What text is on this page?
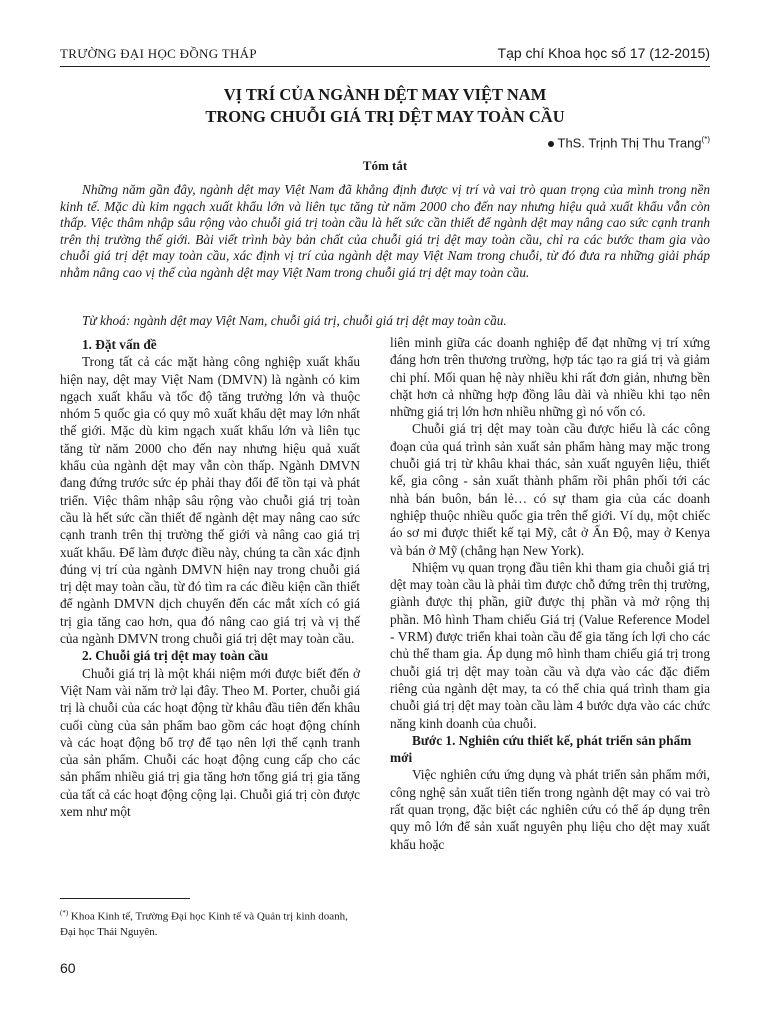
TRƯỜNG ĐẠI HỌC ĐỒNG THÁP	Tạp chí Khoa học số 17 (12-2015)
VỊ TRÍ CỦA NGÀNH DỆT MAY VIỆT NAM
TRONG CHUỖI GIÁ TRỊ DỆT MAY TOÀN CẦU
ThS. Trịnh Thị Thu Trang(*)
Tóm tắt

Những năm gần đây, ngành dệt may Việt Nam đã khẳng định được vị trí và vai trò quan trọng của mình trong nền kinh tế. Mặc dù kim ngạch xuất khẩu lớn và liên tục tăng từ năm 2000 cho đến nay nhưng hiệu quả xuất khẩu vẫn còn thấp. Việc thâm nhập sâu rộng vào chuỗi giá trị toàn cầu là hết sức cần thiết để ngành dệt may nâng cao sức cạnh tranh trên thị trường thế giới. Bài viết trình bày bản chất của chuỗi giá trị dệt may toàn cầu, chỉ ra các bước tham gia vào chuỗi giá trị dệt may toàn cầu, xác định vị trí của ngành dệt may Việt Nam trong chuỗi, từ đó đưa ra những giải pháp nhằm nâng cao vị thế của ngành dệt may Việt Nam trong chuỗi giá trị dệt may toàn cầu.

Từ khoá: ngành dệt may Việt Nam, chuỗi giá trị, chuỗi giá trị dệt may toàn cầu.

1. Đặt vấn đề

Trong tất cả các mặt hàng công nghiệp xuất khẩu hiện nay, dệt may Việt Nam (DMVN) là ngành có kim ngạch xuất khẩu và tốc độ tăng trưởng lớn và thuộc nhóm 5 quốc gia có quy mô xuất khẩu dệt may lớn nhất thế giới. Mặc dù kim ngạch xuất khẩu lớn và liên tục tăng từ năm 2000 cho đến nay nhưng hiệu quả xuất khẩu của ngành dệt may vẫn còn thấp. Ngành DMVN đang đứng trước sức ép phải thay đổi để tồn tại và phát triển. Việc thâm nhập sâu rộng vào chuỗi giá trị toàn cầu là hết sức cần thiết để ngành dệt may nâng cao sức cạnh tranh trên thị trường thế giới và nâng cao giá trị xuất khẩu. Để làm được điều này, chúng ta cần xác định đúng vị trí của ngành DMVN hiện nay trong chuỗi giá trị dệt may toàn cầu, từ đó tìm ra các điều kiện cần thiết để ngành DMVN dịch chuyển đến các mắt xích có giá trị gia tăng cao hơn, qua đó nâng cao giá trị và vị thế của ngành DMVN trong chuỗi giá trị dệt may toàn cầu.

2. Chuỗi giá trị dệt may toàn cầu

Chuỗi giá trị là một khái niệm mới được biết đến ở Việt Nam vài năm trở lại đây. Theo M. Porter, chuỗi giá trị là chuỗi của các hoạt động từ khâu đầu tiên đến khâu cuối cùng của sản phẩm bao gồm các hoạt động chính và các hoạt động bổ trợ để tạo nên lợi thế cạnh tranh của sản phẩm. Chuỗi các hoạt động cung cấp cho các sản phẩm nhiều giá trị gia tăng hơn tổng giá trị gia tăng của tất cả các hoạt động cộng lại. Chuỗi giá trị còn được xem như một

liên minh giữa các doanh nghiệp để đạt những vị trí xứng đáng hơn trên thương trường, hợp tác tạo ra giá trị và giảm chi phí. Mối quan hệ này nhiều khi rất đơn giản, nhưng bền chặt hơn cả những hợp đồng lâu dài và nhiều khi tạo nên những giá trị lớn hơn nhiều những gì nó vốn có.

Chuỗi giá trị dệt may toàn cầu được hiểu là các công đoạn của quá trình sản xuất sản phẩm hàng may mặc trong chuỗi giá trị từ khâu khai thác, sản xuất nguyên liệu, thiết kế, gia công - sản xuất thành phẩm rồi phân phối tới các nhà bán buôn, bán lẻ… có sự tham gia của các doanh nghiệp thuộc nhiều quốc gia trên thế giới. Ví dụ, một chiếc áo sơ mi được thiết kế tại Mỹ, cắt ở Ấn Độ, may ở Kenya và bán ở Mỹ (chẳng hạn New York).

Nhiệm vụ quan trọng đầu tiên khi tham gia chuỗi giá trị dệt may toàn cầu là phải tìm được chỗ đứng trên thị trường, giành được thị phần, giữ được thị phần và mở rộng thị phần. Mô hình Tham chiếu Giá trị (Value Reference Model - VRM) được triển khai toàn cầu để gia tăng ích lợi cho các chủ thể tham gia. Áp dụng mô hình tham chiếu giá trị trong chuỗi giá trị dệt may toàn cầu và dựa vào các đặc điểm riêng của ngành dệt may, ta có thể chia quá trình tham gia chuỗi giá trị dệt may toàn cầu làm 4 bước dựa vào các chức năng kinh doanh của chuỗi.

Bước 1. Nghiên cứu thiết kế, phát triển sản phẩm mới

Việc nghiên cứu ứng dụng và phát triển sản phẩm mới, công nghệ sản xuất tiên tiến trong ngành dệt may có vai trò rất quan trọng, đặc biệt các nghiên cứu có thể áp dụng trên quy mô lớn để sản xuất nguyên phụ liệu cho dệt may xuất khẩu hoặc

(*) Khoa Kinh tế, Trường Đại học Kinh tế và Quản trị kinh doanh, Đại học Thái Nguyên.
60
